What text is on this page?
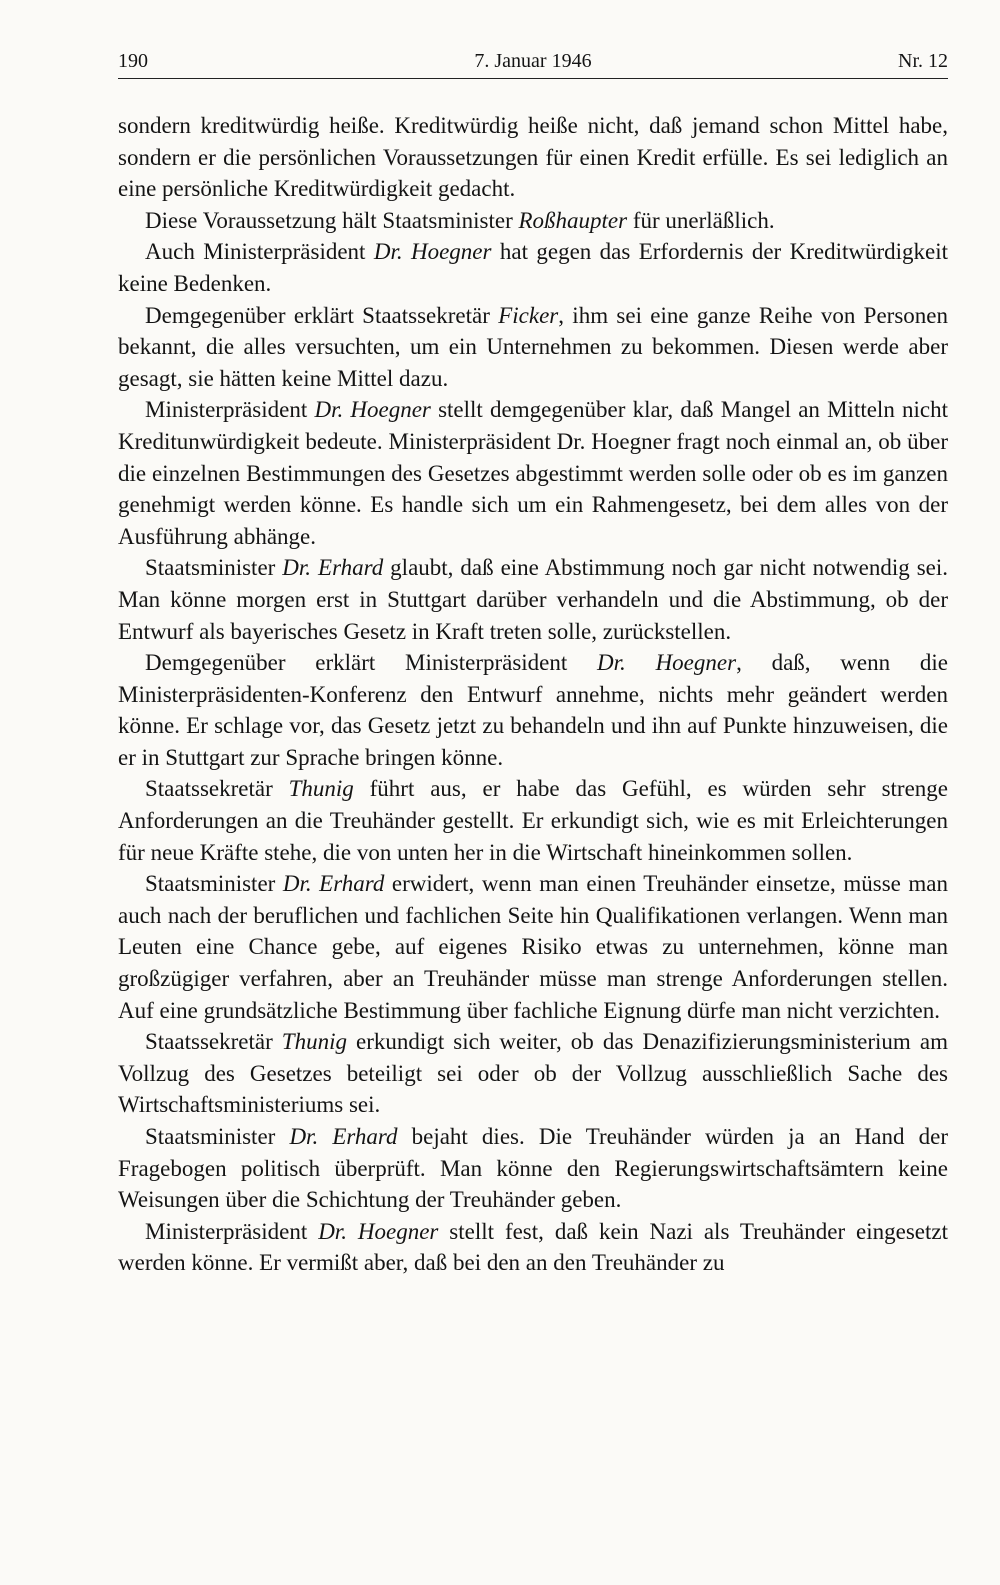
190	7. Januar 1946	Nr. 12

sondern kreditwürdig heiße. Kreditwürdig heiße nicht, daß jemand schon Mittel habe, sondern er die persönlichen Voraussetzungen für einen Kredit erfülle. Es sei lediglich an eine persönliche Kreditwürdigkeit gedacht.

Diese Voraussetzung hält Staatsminister Roßhaupter für unerläßlich.

Auch Ministerpräsident Dr. Hoegner hat gegen das Erfordernis der Kreditwürdigkeit keine Bedenken.

Demgegenüber erklärt Staatssekretär Ficker, ihm sei eine ganze Reihe von Personen bekannt, die alles versuchten, um ein Unternehmen zu bekommen. Diesen werde aber gesagt, sie hätten keine Mittel dazu.

Ministerpräsident Dr. Hoegner stellt demgegenüber klar, daß Mangel an Mitteln nicht Kreditunwürdigkeit bedeute. Ministerpräsident Dr. Hoegner fragt noch einmal an, ob über die einzelnen Bestimmungen des Gesetzes abgestimmt werden solle oder ob es im ganzen genehmigt werden könne. Es handle sich um ein Rahmengesetz, bei dem alles von der Ausführung abhänge.

Staatsminister Dr. Erhard glaubt, daß eine Abstimmung noch gar nicht notwendig sei. Man könne morgen erst in Stuttgart darüber verhandeln und die Abstimmung, ob der Entwurf als bayerisches Gesetz in Kraft treten solle, zurückstellen.

Demgegenüber erklärt Ministerpräsident Dr. Hoegner, daß, wenn die Ministerpräsidenten-Konferenz den Entwurf annehme, nichts mehr geändert werden könne. Er schlage vor, das Gesetz jetzt zu behandeln und ihn auf Punkte hinzuweisen, die er in Stuttgart zur Sprache bringen könne.

Staatssekretär Thunig führt aus, er habe das Gefühl, es würden sehr strenge Anforderungen an die Treuhänder gestellt. Er erkundigt sich, wie es mit Erleichterungen für neue Kräfte stehe, die von unten her in die Wirtschaft hineinkommen sollen.

Staatsminister Dr. Erhard erwidert, wenn man einen Treuhänder einsetze, müsse man auch nach der beruflichen und fachlichen Seite hin Qualifikationen verlangen. Wenn man Leuten eine Chance gebe, auf eigenes Risiko etwas zu unternehmen, könne man großzügiger verfahren, aber an Treuhänder müsse man strenge Anforderungen stellen. Auf eine grundsätzliche Bestimmung über fachliche Eignung dürfe man nicht verzichten.

Staatssekretär Thunig erkundigt sich weiter, ob das Denazifizierungsministerium am Vollzug des Gesetzes beteiligt sei oder ob der Vollzug ausschließlich Sache des Wirtschaftsministeriums sei.

Staatsminister Dr. Erhard bejaht dies. Die Treuhänder würden ja an Hand der Fragebogen politisch überprüft. Man könne den Regierungswirtschaftsämtern keine Weisungen über die Schichtung der Treuhänder geben.

Ministerpräsident Dr. Hoegner stellt fest, daß kein Nazi als Treuhänder eingesetzt werden könne. Er vermißt aber, daß bei den an den Treuhänder zu
